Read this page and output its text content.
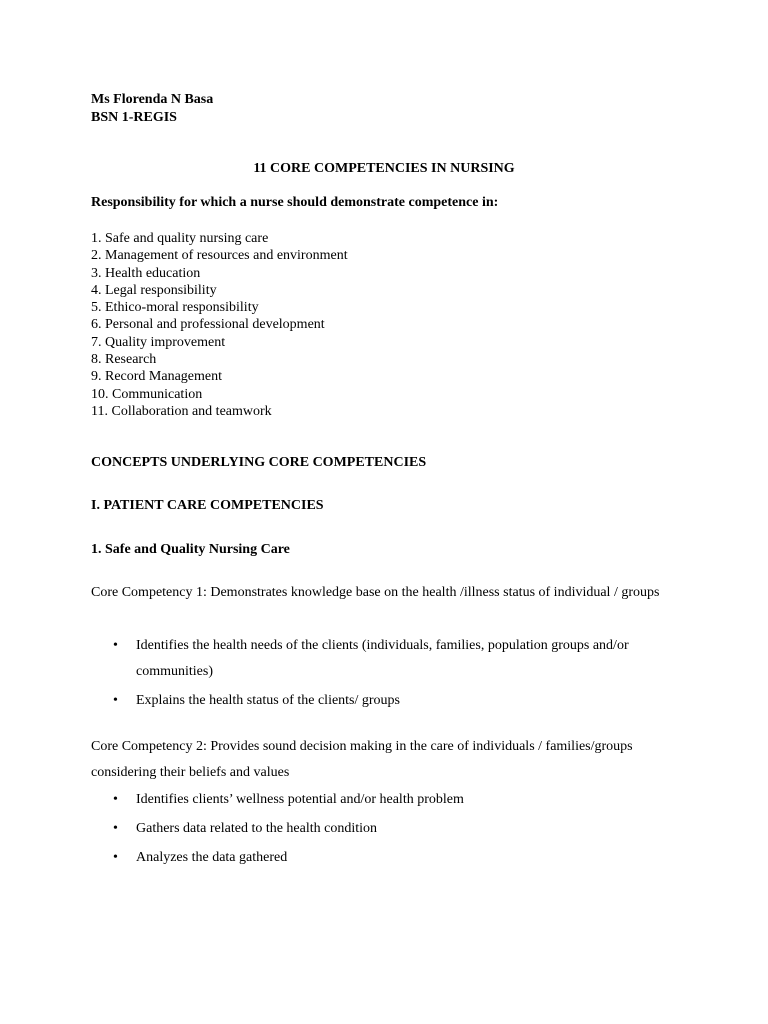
Ms Florenda N Basa
BSN 1-REGIS
11 CORE COMPETENCIES IN NURSING
Responsibility for which a nurse should demonstrate competence in:
1. Safe and quality nursing care
2. Management of resources and environment
3. Health education
4. Legal responsibility
5. Ethico-moral responsibility
6. Personal and professional development
7. Quality improvement
8. Research
9. Record Management
10. Communication
11. Collaboration and teamwork
CONCEPTS UNDERLYING CORE COMPETENCIES
I. PATIENT CARE COMPETENCIES
1. Safe and Quality Nursing Care
Core Competency 1: Demonstrates knowledge base on the health /illness status of individual / groups
• Identifies the health needs of the clients (individuals, families, population groups and/or communities)
• Explains the health status of the clients/ groups
Core Competency 2: Provides sound decision making in the care of individuals / families/groups considering their beliefs and values
• Identifies clients’ wellness potential and/or health problem
• Gathers data related to the health condition
• Analyzes the data gathered
